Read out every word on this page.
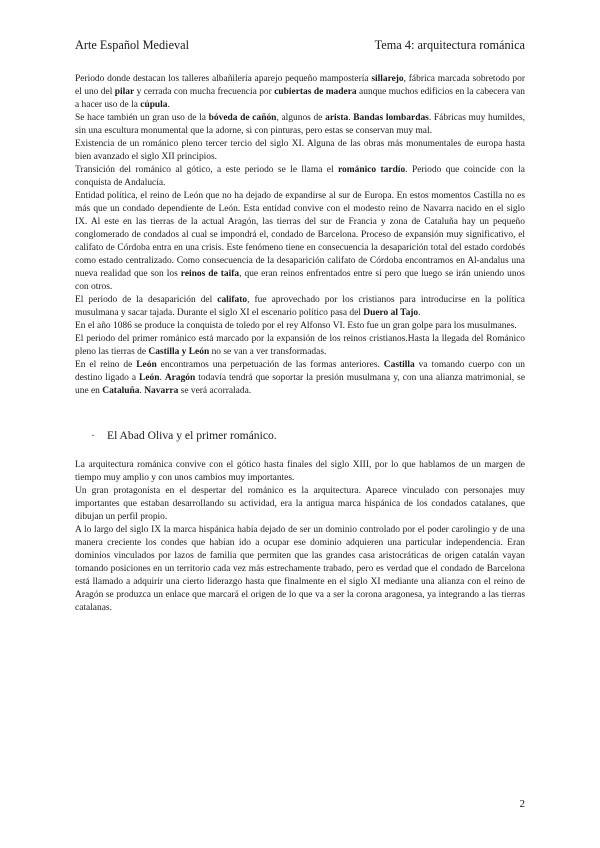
Arte Español Medieval	Tema 4: arquitectura románica

Periodo donde destacan los talleres albañilería aparejo pequeño mampostería sillarejo, fábrica marcada sobretodo por el uno del pilar y cerrada con mucha frecuencia por cubiertas de madera aunque muchos edificios en la cabecera van a hacer uso de la cúpula.

Se hace también un gran uso de la bóveda de cañón, algunos de arista. Bandas lombardas. Fábricas muy humildes, sin una escultura monumental que la adorne, si con pinturas, pero estas se conservan muy mal.

Existencia de un románico pleno tercer tercio del siglo XI. Alguna de las obras más monumentales de europa hasta bien avanzado el siglo XII principios.

Transición del románico al gótico, a este periodo se le llama el románico tardío. Periodo que coincide con la conquista de Andalucía.

Entidad política, el reino de León que no ha dejado de expandirse al sur de Europa. En estos momentos Castilla no es más que un condado dependiente de León. Esta entidad convive con el modesto reino de Navarra nacido en el siglo IX. Al este en las tierras de la actual Aragón, las tierras del sur de Francia y zona de Cataluña hay un pequeño conglomerado de condados al cual se impondrá el, condado de Barcelona. Proceso de expansión muy significativo, el califato de Córdoba entra en una crisis. Este fenómeno tiene en consecuencia la desaparición total del estado cordobés como estado centralizado. Como consecuencia de la desaparición califato de Córdoba encontramos en Al-andalus una nueva realidad que son los reinos de taifa, que eran reinos enfrentados entre sí pero que luego se irán uniendo unos con otros.

El periodo de la desaparición del califato, fue aprovechado por los cristianos para introducirse en la política musulmana y sacar tajada. Durante el siglo XI el escenario político pasa del Duero al Tajo.

En el año 1086 se produce la conquista de toledo por el rey Alfonso VI. Esto fue un gran golpe para los musulmanes.

El periodo del primer románico está marcado por la expansión de los reinos cristianos.Hasta la llegada del Románico pleno las tierras de Castilla y León no se van a ver transformadas.

En el reino de León encontramos una perpetuación de las formas anteriores. Castilla va tomando cuerpo con un destino ligado a León. Aragón todavía tendrá que soportar la presión musulmana y, con una alianza matrimonial, se une en Cataluña. Navarra se verá acorralada.

· El Abad Oliva y el primer románico.

La arquitectura románica convive con el gótico hasta finales del siglo XIII, por lo que hablamos de un margen de tiempo muy amplio y con unos cambios muy importantes.

Un gran protagonista en el despertar del románico es la arquitectura. Aparece vinculado con personajes muy importantes que estaban desarrollando su actividad, era la antigua marca hispánica de los condados catalanes, que dibujan un perfil propio.

A lo largo del siglo IX la marca hispánica había dejado de ser un dominio controlado por el poder carolingio y de una manera creciente los condes que habían ido a ocupar ese dominio adquieren una particular independencia. Eran dominios vinculados por lazos de familia que permiten que las grandes casa aristocráticas de origen catalán vayan tomando posiciones en un territorio cada vez más estrechamente trabado, pero es verdad que el condado de Barcelona está llamado a adquirir una cierto liderazgo hasta que finalmente en el siglo XI mediante una alianza con el reino de Aragón se produzca un enlace que marcará el origen de lo que va a ser la corona aragonesa, ya integrando a las tierras catalanas.

2
